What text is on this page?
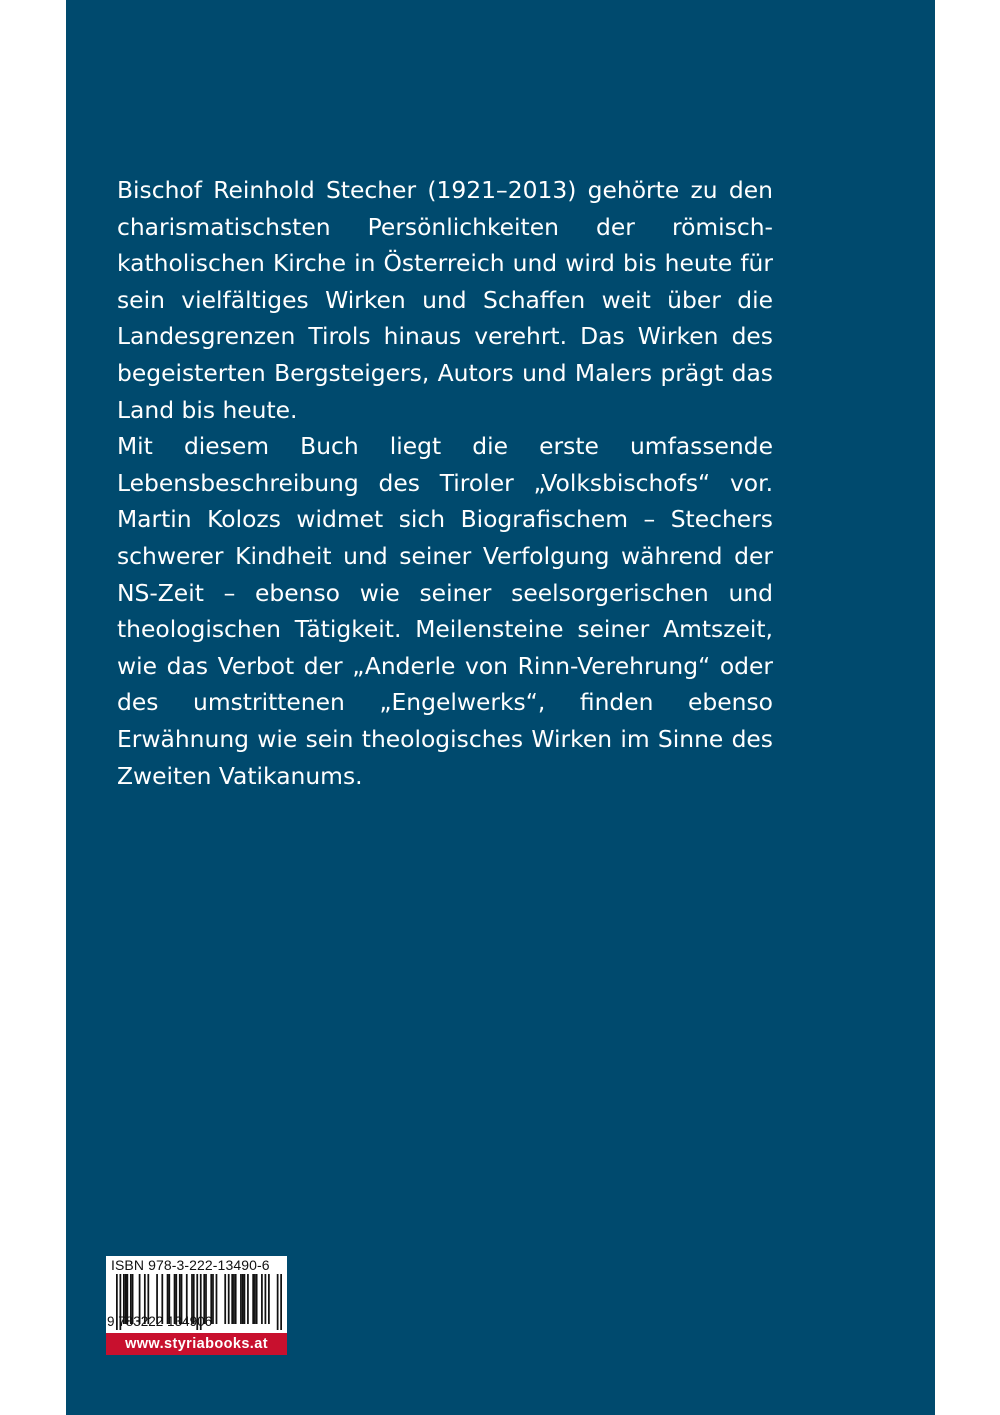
Bischof Reinhold Stecher (1921–2013) gehörte zu den charismatischsten Persönlichkeiten der römisch-katholischen Kirche in Österreich und wird bis heute für sein vielfältiges Wirken und Schaffen weit über die Landesgrenzen Tirols hinaus verehrt. Das Wirken des begeisterten Bergsteigers, Autors und Malers prägt das Land bis heute.

Mit diesem Buch liegt die erste umfassende Lebensbeschreibung des Tiroler „Volksbischofs“ vor. Martin Kolozs widmet sich Biografischem – Stechers schwerer Kindheit und seiner Verfolgung während der NS-Zeit – ebenso wie seiner seelsorgerischen und theologischen Tätigkeit. Meilensteine seiner Amtszeit, wie das Verbot der „Anderle von Rinn-Verehrung“ oder des umstrittenen „Engelwerks“, finden ebenso Erwähnung wie sein theologisches Wirken im Sinne des Zweiten Vatikanums.

ISBN 978-3-222-13490-6
9 783222 134906
www.styriabooks.at
